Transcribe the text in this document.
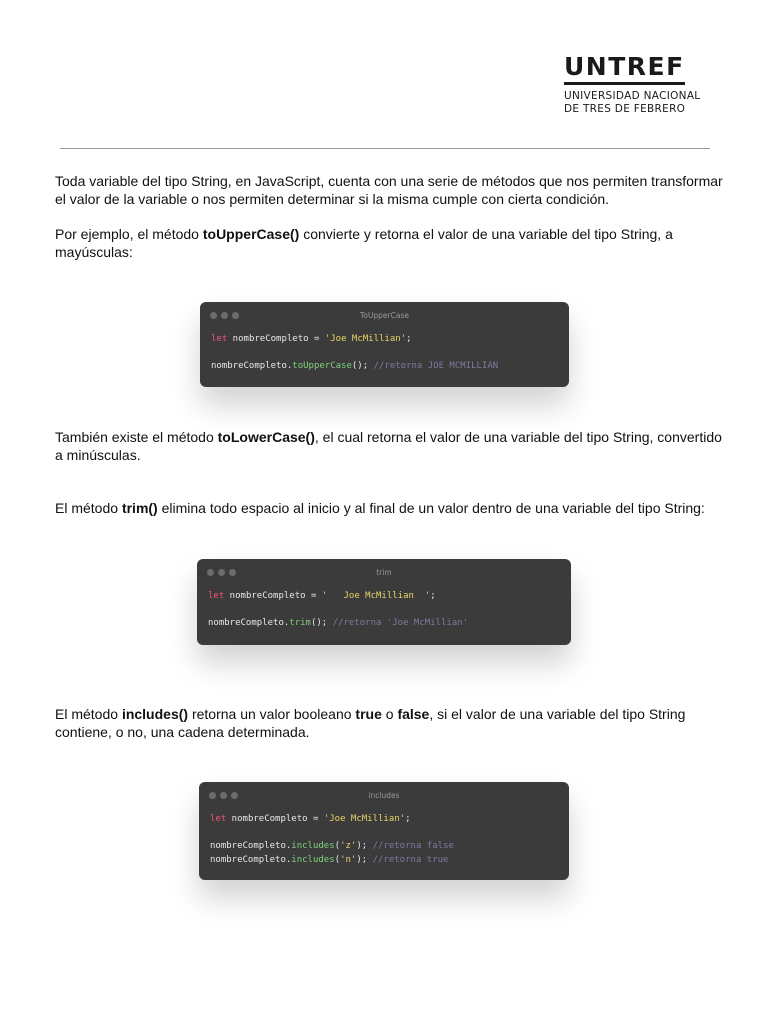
UNTREF
UNIVERSIDAD NACIONAL
DE TRES DE FEBRERO

Toda variable del tipo String, en JavaScript, cuenta con una serie de métodos que nos permiten transformar el valor de la variable o nos permiten determinar si la misma cumple con cierta condición.

Por ejemplo, el método toUpperCase() convierte y retorna el valor de una variable del tipo String, a mayúsculas:

ToUpperCase
let nombreCompleto = 'Joe McMillian';
nombreCompleto.toUpperCase(); //retorna JOE MCMILLIAN

También existe el método toLowerCase(), el cual retorna el valor de una variable del tipo String, convertido a minúsculas.

El método trim() elimina todo espacio al inicio y al final de un valor dentro de una variable del tipo String:

trim
let nombreCompleto = '   Joe McMillian  ';
nombreCompleto.trim(); //retorna 'Joe McMillian'

El método includes() retorna un valor booleano true o false, si el valor de una variable del tipo String contiene, o no, una cadena determinada.

includes
let nombreCompleto = 'Joe McMillian';
nombreCompleto.includes('z'); //retorna false
nombreCompleto.includes('n'); //retorna true
